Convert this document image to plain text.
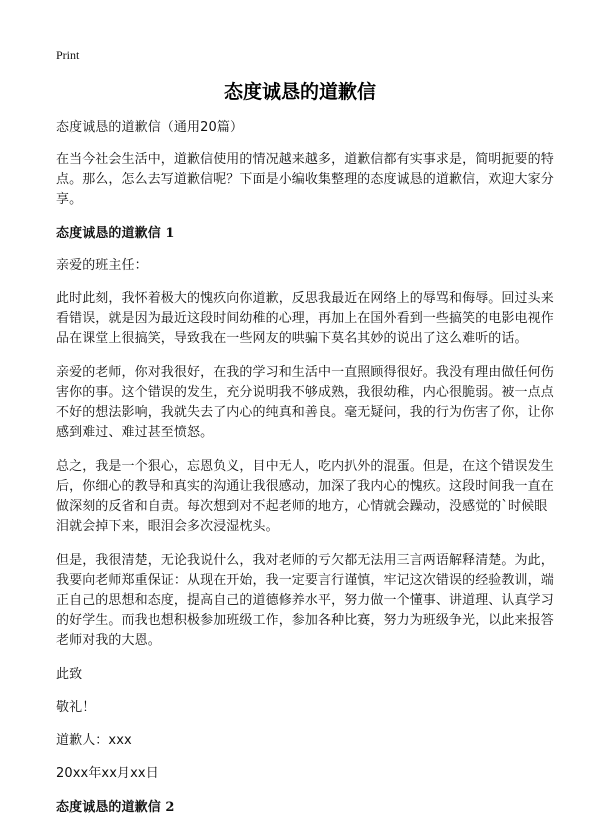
Print
态度诚恳的道歉信

态度诚恳的道歉信（通用20篇）

在当今社会生活中，道歉信使用的情况越来越多，道歉信都有实事求是，简明扼要的特点。那么，怎么去写道歉信呢？下面是小编收集整理的态度诚恳的道歉信，欢迎大家分享。

态度诚恳的道歉信 1

亲爱的班主任：

此时此刻，我怀着极大的愧疚向你道歉，反思我最近在网络上的辱骂和侮辱。回过头来看错误，就是因为最近这段时间幼稚的心理，再加上在国外看到一些搞笑的电影电视作品在课堂上很搞笑，导致我在一些网友的哄骗下莫名其妙的说出了这么难听的话。

亲爱的老师，你对我很好，在我的学习和生活中一直照顾得很好。我没有理由做任何伤害你的事。这个错误的发生，充分说明我不够成熟，我很幼稚，内心很脆弱。被一点点不好的想法影响，我就失去了内心的纯真和善良。毫无疑问，我的行为伤害了你，让你感到难过、难过甚至愤怒。

总之，我是一个狠心，忘恩负义，目中无人，吃内扒外的混蛋。但是，在这个错误发生后，你细心的教导和真实的沟通让我很感动，加深了我内心的愧疚。这段时间我一直在做深刻的反省和自责。每次想到对不起老师的地方，心情就会躁动，没感觉的`时候眼泪就会掉下来，眼泪会多次浸湿枕头。

但是，我很清楚，无论我说什么，我对老师的亏欠都无法用三言两语解释清楚。为此，我要向老师郑重保证：从现在开始，我一定要言行谨慎，牢记这次错误的经验教训，端正自己的思想和态度，提高自己的道德修养水平，努力做一个懂事、讲道理、认真学习的好学生。而我也想积极参加班级工作，参加各种比赛，努力为班级争光，以此来报答老师对我的大恩。

此致

敬礼！

道歉人：xxx

20xx年xx月xx日

态度诚恳的道歉信 2
